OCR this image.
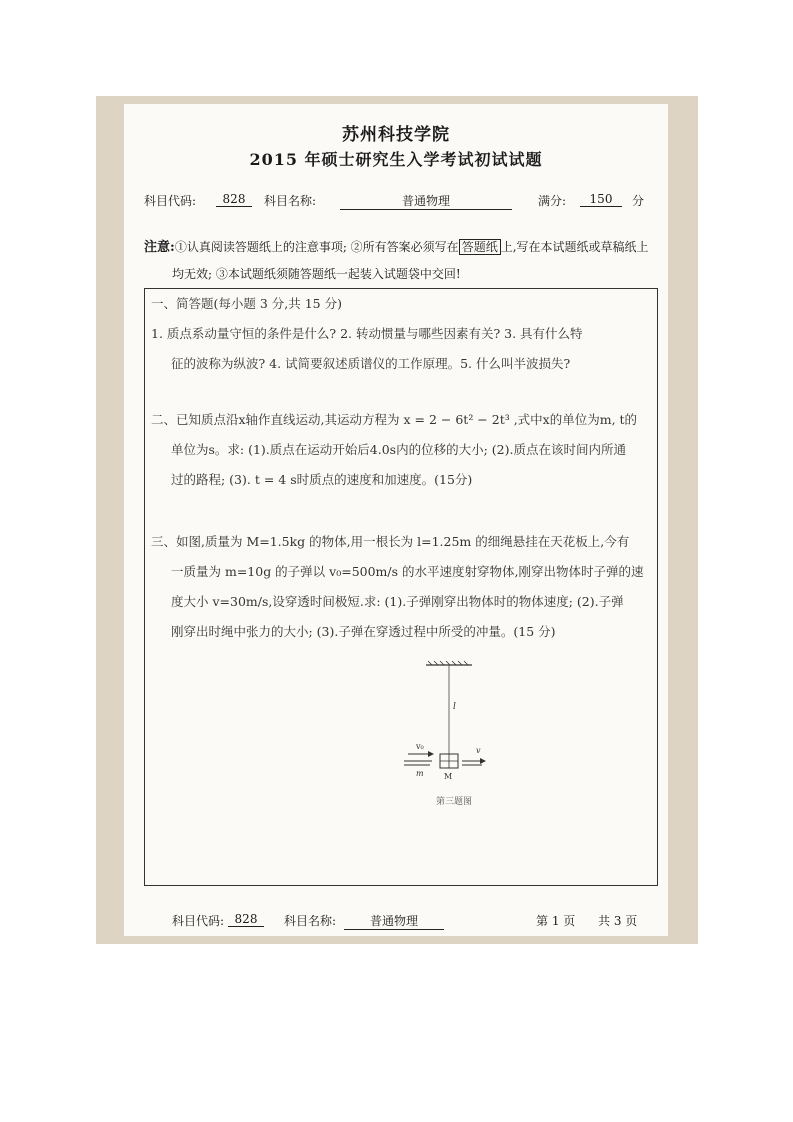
苏州科技学院
2015 年硕士研究生入学考试初试试题
科目代码:	828	科目名称:	普通物理	满分:	150	分
注意:①认真阅读答题纸上的注意事项; ②所有答案必须写在 答题纸 上,写在本试题纸或草稿纸上
均无效; ③本试题纸须随答题纸一起装入试题袋中交回!
一、简答题(每小题 3 分,共 15 分)
1. 质点系动量守恒的条件是什么? 2. 转动惯量与哪些因素有关? 3. 具有什么特
征的波称为纵波? 4. 试简要叙述质谱仪的工作原理。5. 什么叫半波损失?
二、已知质点沿x轴作直线运动,其运动方程为 x = 2 − 6t² − 2t³ ,式中x的单位为m, t的
单位为s。求: (1).质点在运动开始后4.0s内的位移的大小; (2).质点在该时间内所通
过的路程; (3). t = 4 s时质点的速度和加速度。(15分)
三、如图,质量为 M=1.5kg 的物体,用一根长为 l=1.25m 的细绳悬挂在天花板上,今有
一质量为 m=10g 的子弹以 v₀=500m/s 的水平速度射穿物体,刚穿出物体时子弹的速
度大小 v=30m/s,设穿透时间极短.求: (1).子弹刚穿出物体时的物体速度; (2).子弹
刚穿出时绳中张力的大小; (3).子弹在穿透过程中所受的冲量。(15 分)
l
M
v₀
m
v
第三题图
科目代码: 828	科目名称:	普通物理	第 1 页 共 3 页
